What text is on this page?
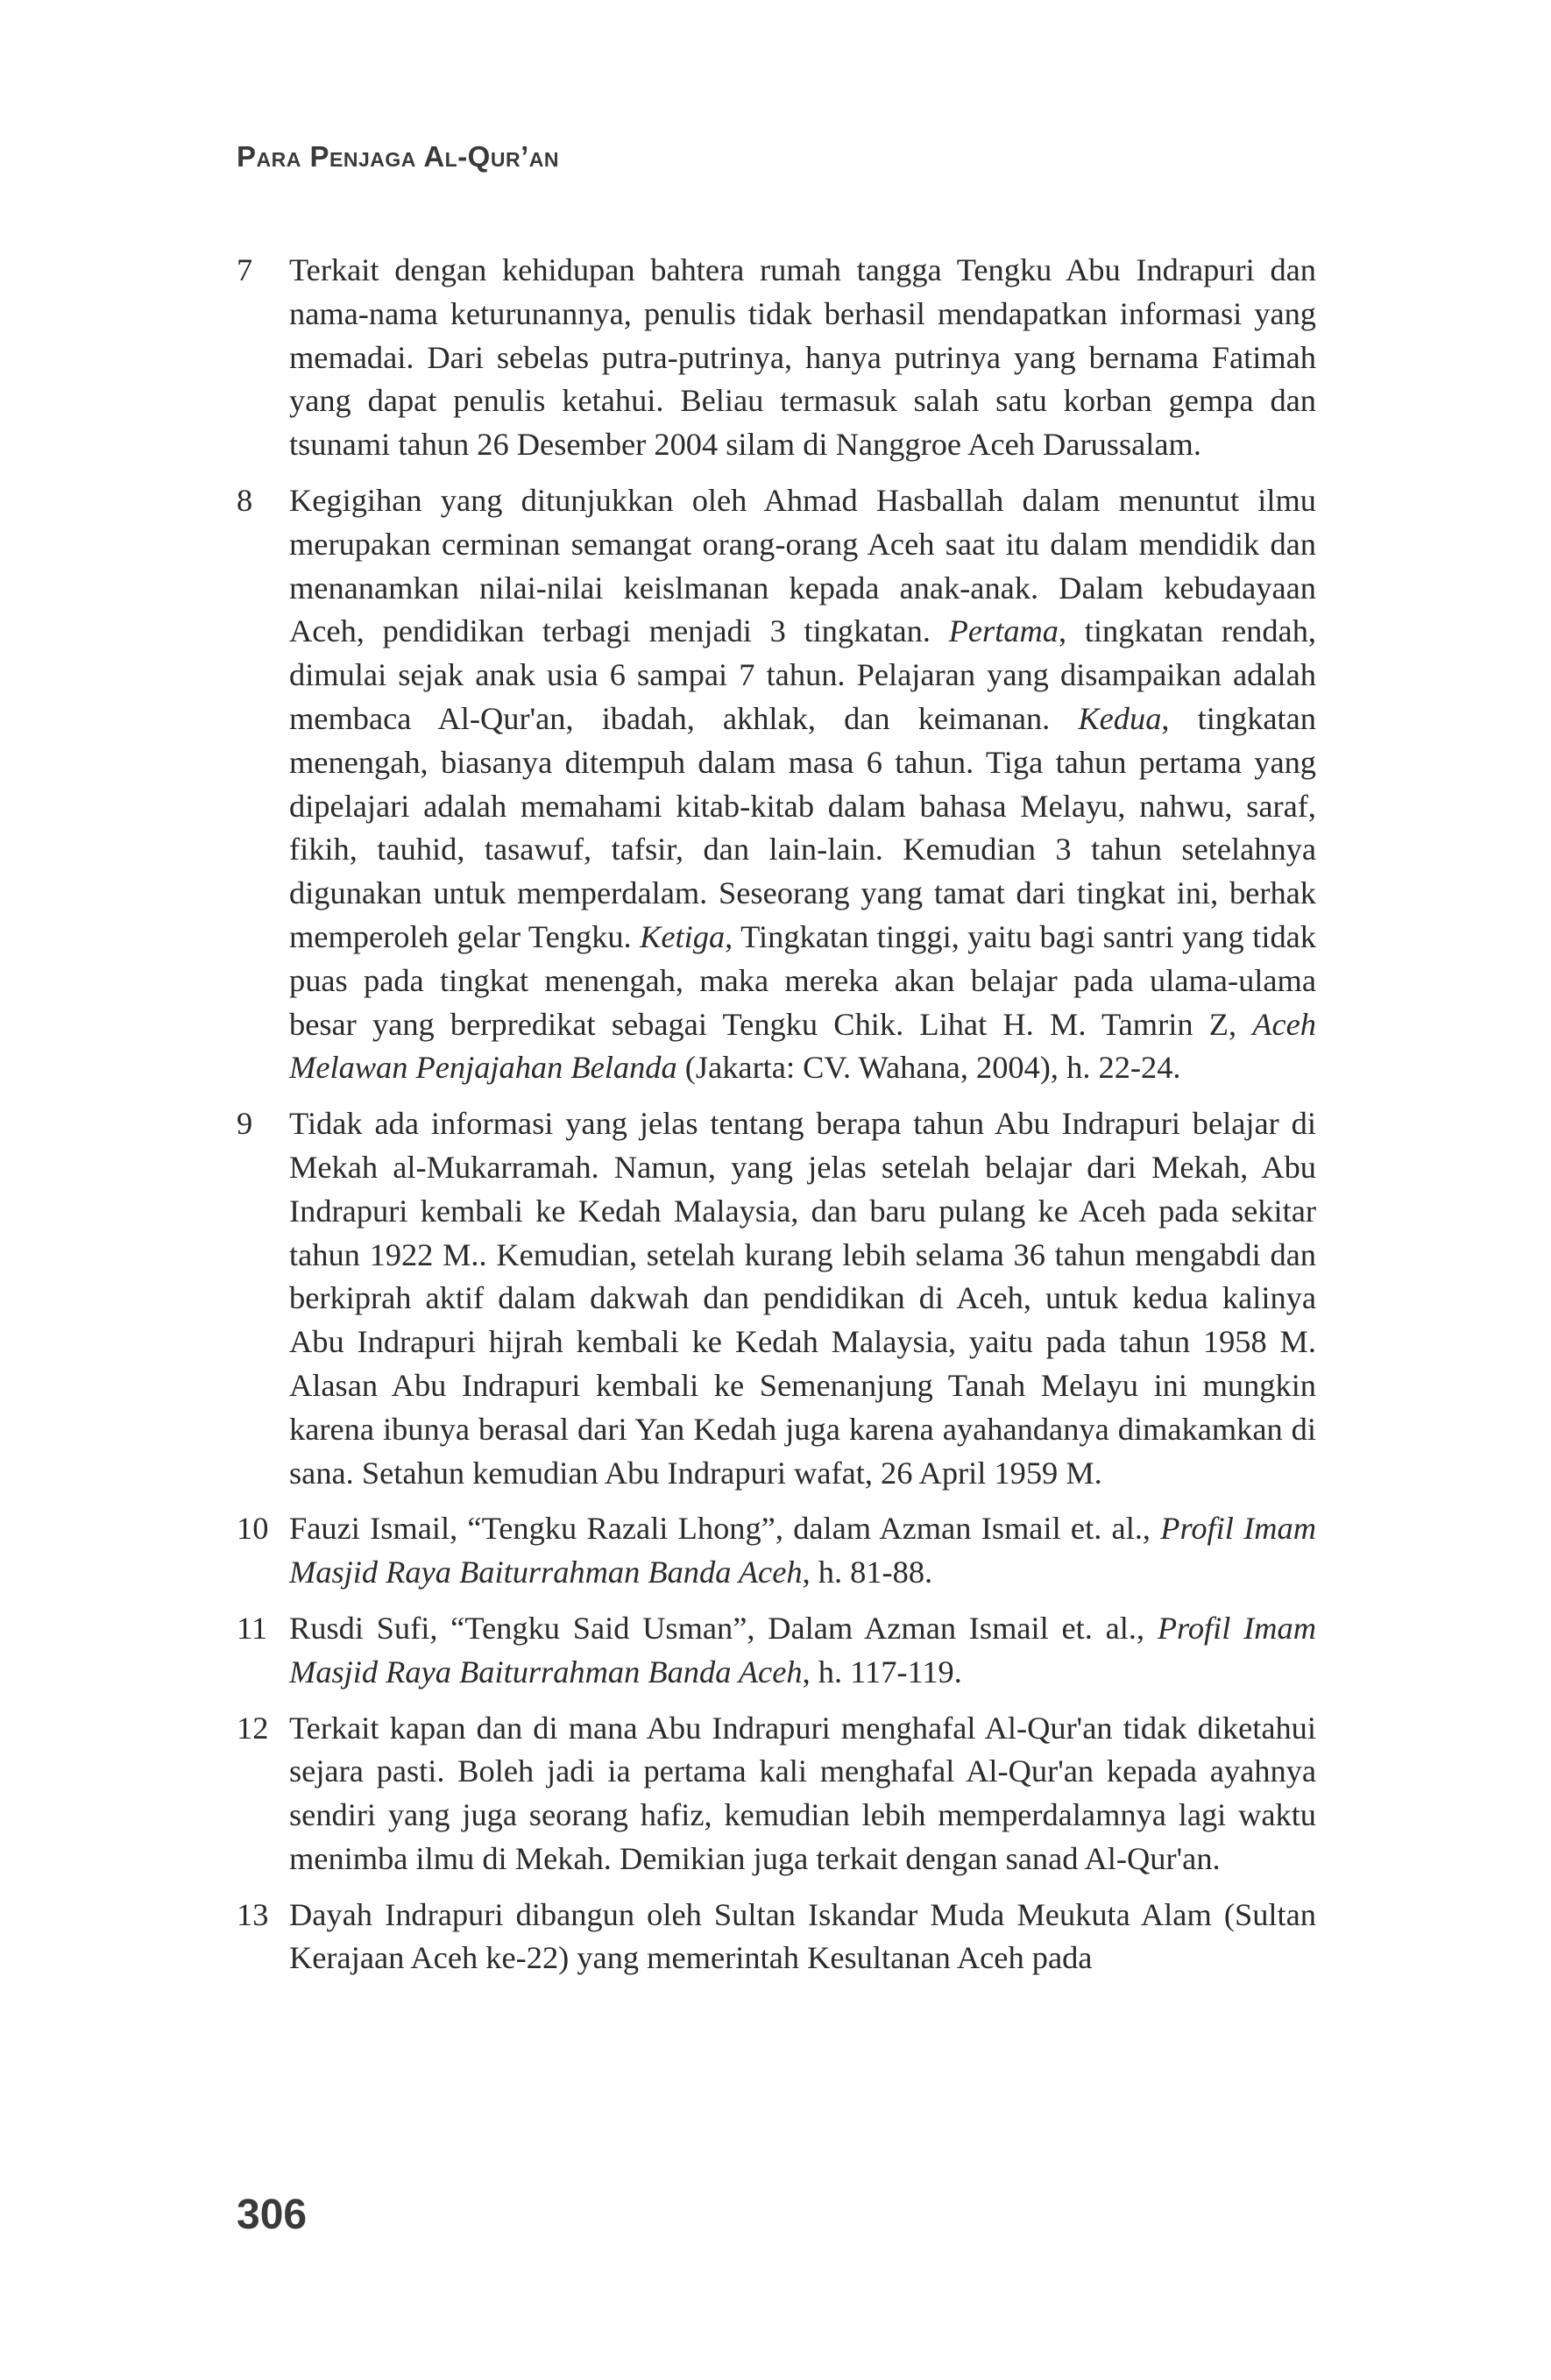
Para Penjaga Al-Qur’an
7	Terkait dengan kehidupan bahtera rumah tangga Tengku Abu Indrapuri dan nama-nama keturunannya, penulis tidak berhasil mendapatkan informasi yang memadai. Dari sebelas putra-putrinya, hanya putrinya yang bernama Fatimah yang dapat penulis ketahui. Beliau termasuk salah satu korban gempa dan tsunami tahun 26 Desember 2004 silam di Nanggroe Aceh Darussalam.
8	Kegigihan yang ditunjukkan oleh Ahmad Hasballah dalam menuntut ilmu merupakan cerminan semangat orang-orang Aceh saat itu dalam mendidik dan menanamkan nilai-nilai keislmanan kepada anak-anak. Dalam kebudayaan Aceh, pendidikan terbagi menjadi 3 tingkatan. Pertama, tingkatan rendah, dimulai sejak anak usia 6 sampai 7 tahun. Pelajaran yang disampaikan adalah membaca Al-Qur'an, ibadah, akhlak, dan keimanan. Kedua, tingkatan menengah, biasanya ditempuh dalam masa 6 tahun. Tiga tahun pertama yang dipelajari adalah memahami kitab-kitab dalam bahasa Melayu, nahwu, saraf, fikih, tauhid, tasawuf, tafsir, dan lain-lain. Kemudian 3 tahun setelahnya digunakan untuk memperdalam. Seseorang yang tamat dari tingkat ini, berhak memperoleh gelar Tengku. Ketiga, Tingkatan tinggi, yaitu bagi santri yang tidak puas pada tingkat menengah, maka mereka akan belajar pada ulama-ulama besar yang berpredikat sebagai Tengku Chik. Lihat H. M. Tamrin Z, Aceh Melawan Penjajahan Belanda (Jakarta: CV. Wahana, 2004), h. 22-24.
9	Tidak ada informasi yang jelas tentang berapa tahun Abu Indrapuri belajar di Mekah al-Mukarramah. Namun, yang jelas setelah belajar dari Mekah, Abu Indrapuri kembali ke Kedah Malaysia, dan baru pulang ke Aceh pada sekitar tahun 1922 M.. Kemudian, setelah kurang lebih selama 36 tahun mengabdi dan berkiprah aktif dalam dakwah dan pendidikan di Aceh, untuk kedua kalinya Abu Indrapuri hijrah kembali ke Kedah Malaysia, yaitu pada tahun 1958 M. Alasan Abu Indrapuri kembali ke Semenanjung Tanah Melayu ini mungkin karena ibunya berasal dari Yan Kedah juga karena ayahandanya dimakamkan di sana. Setahun kemudian Abu Indrapuri wafat, 26 April 1959 M.
10 Fauzi Ismail, “Tengku Razali Lhong”, dalam Azman Ismail et. al., Profil Imam Masjid Raya Baiturrahman Banda Aceh, h. 81-88.
11 Rusdi Sufi, “Tengku Said Usman”, Dalam Azman Ismail et. al., Profil Imam Masjid Raya Baiturrahman Banda Aceh, h. 117-119.
12 Terkait kapan dan di mana Abu Indrapuri menghafal Al-Qur'an tidak diketahui sejara pasti. Boleh jadi ia pertama kali menghafal Al-Qur'an kepada ayahnya sendiri yang juga seorang hafiz, kemudian lebih memperdalamnya lagi waktu menimba ilmu di Mekah. Demikian juga terkait dengan sanad Al-Qur'an.
13 Dayah Indrapuri dibangun oleh Sultan Iskandar Muda Meukuta Alam (Sultan Kerajaan Aceh ke-22) yang memerintah Kesultanan Aceh pada
306
